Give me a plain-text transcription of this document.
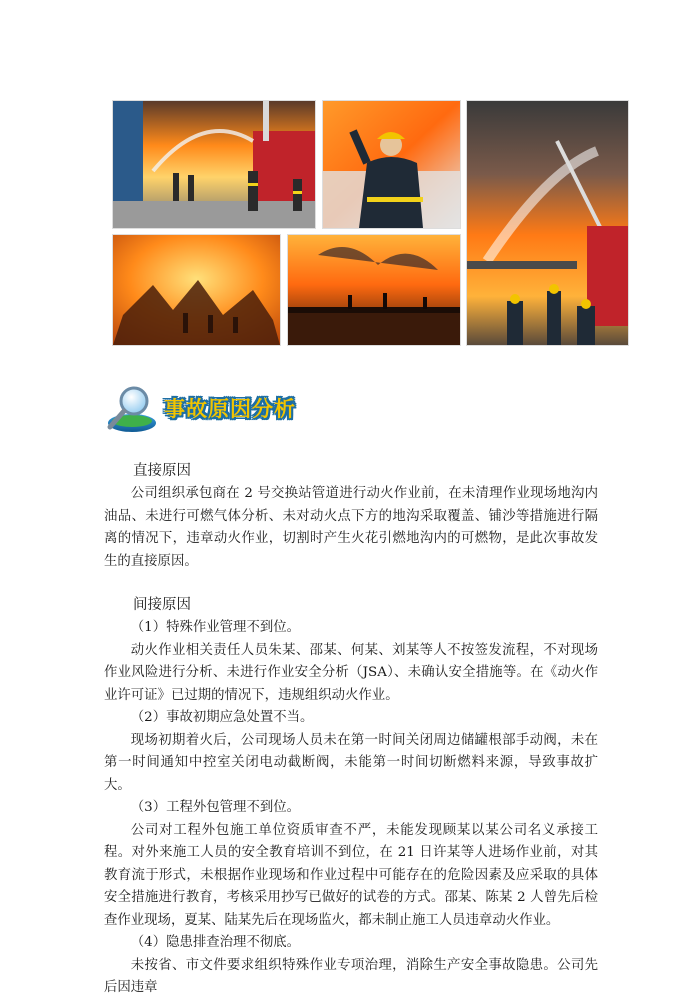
事故原因分析

直接原因

公司组织承包商在 2 号交换站管道进行动火作业前，在未清理作业现场地沟内油品、未进行可燃气体分析、未对动火点下方的地沟采取覆盖、铺沙等措施进行隔离的情况下，违章动火作业，切割时产生火花引燃地沟内的可燃物，是此次事故发生的直接原因。

间接原因

（1）特殊作业管理不到位。

动火作业相关责任人员朱某、邵某、何某、刘某等人不按签发流程，不对现场作业风险进行分析、未进行作业安全分析（JSA）、未确认安全措施等。在《动火作业许可证》已过期的情况下，违规组织动火作业。

（2）事故初期应急处置不当。

现场初期着火后，公司现场人员未在第一时间关闭周边储罐根部手动阀，未在第一时间通知中控室关闭电动截断阀，未能第一时间切断燃料来源，导致事故扩大。

（3）工程外包管理不到位。

公司对工程外包施工单位资质审查不严，未能发现顾某以某公司名义承接工程。对外来施工人员的安全教育培训不到位，在 21 日许某等人进场作业前，对其教育流于形式，未根据作业现场和作业过程中可能存在的危险因素及应采取的具体安全措施进行教育，考核采用抄写已做好的试卷的方式。邵某、陈某 2 人曾先后检查作业现场，夏某、陆某先后在现场监火，都未制止施工人员违章动火作业。

（4）隐患排查治理不彻底。

未按省、市文件要求组织特殊作业专项治理，消除生产安全事故隐患。公司先后因违章
